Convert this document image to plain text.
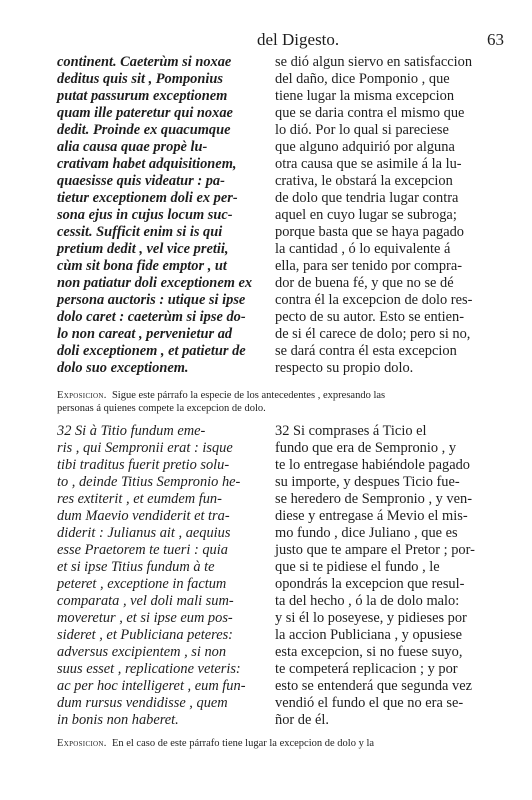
del Digesto.	63
continent. Caeterùm si noxae
deditus quis sit , Pomponius
putat passurum exceptionem
quam ille pateretur qui noxae
dedit. Proinde ex quacumque
alia causa quae propè lu-
crativam habet adquisitionem,
quaesisse quis videatur : pa-
tietur exceptionem doli ex per-
sona ejus in cujus locum suc-
cessit. Sufficit enim si is qui
pretium dedit , vel vice pretii,
cùm sit bona fide emptor , ut
non patiatur doli exceptionem ex
persona auctoris : utique si ipse
dolo caret : caeterùm si ipse do-
lo non careat , pervenietur ad
doli exceptionem , et patietur de
dolo suo exceptionem.
se dió algun siervo en satisfaccion
del daño, dice Pomponio , que
tiene lugar la misma excepcion
que se daria contra el mismo que
lo dió. Por lo qual si pareciese
que alguno adquirió por alguna
otra causa que se asimile á la lu-
crativa, le obstará la excepcion
de dolo que tendria lugar contra
aquel en cuyo lugar se subroga;
porque basta que se haya pagado
la cantidad , ó lo equivalente á
ella, para ser tenido por compra-
dor de buena fé, y que no se dé
contra él la excepcion de dolo res-
pecto de su autor. Esto se entien-
de si él carece de dolo; pero si no,
se dará contra él esta excepcion
respecto su propio dolo.
Exposicion. Sigue este párrafo la especie de los antecedentes , expresando las
personas á quienes compete la excepcion de dolo.
32 Si à Titio fundum eme-
ris , qui Sempronii erat : isque
tibi traditus fuerit pretio solu-
to , deinde Titius Sempronio he-
res extiterit , et eumdem fun-
dum Maevio vendiderit et tra-
diderit : Julianus ait , aequius
esse Praetorem te tueri : quia
et si ipse Titius fundum à te
peteret , exceptione in factum
comparata , vel doli mali sum-
moveretur , et si ipse eum pos-
sideret , et Publiciana peteres:
adversus excipientem , si non
suus esset , replicatione veteris:
ac per hoc intelligeret , eum fun-
dum rursus vendidisse , quem
in bonis non haberet.
32 Si comprases á Ticio el
fundo que era de Sempronio , y
te lo entregase habiéndole pagado
su importe, y despues Ticio fue-
se heredero de Sempronio , y ven-
diese y entregase á Mevio el mis-
mo fundo , dice Juliano , que es
justo que te ampare el Pretor ; por-
que si te pidiese el fundo , le
opondrás la excepcion que resul-
ta del hecho , ó la de dolo malo:
y si él lo poseyese, y pidieses por
la accion Publiciana , y opusiese
esta excepcion, si no fuese suyo,
te competerá replicacion ; y por
esto se entenderá que segunda vez
vendió el fundo el que no era se-
ñor de él.
Exposicion. En el caso de este párrafo tiene lugar la excepcion de dolo y la
